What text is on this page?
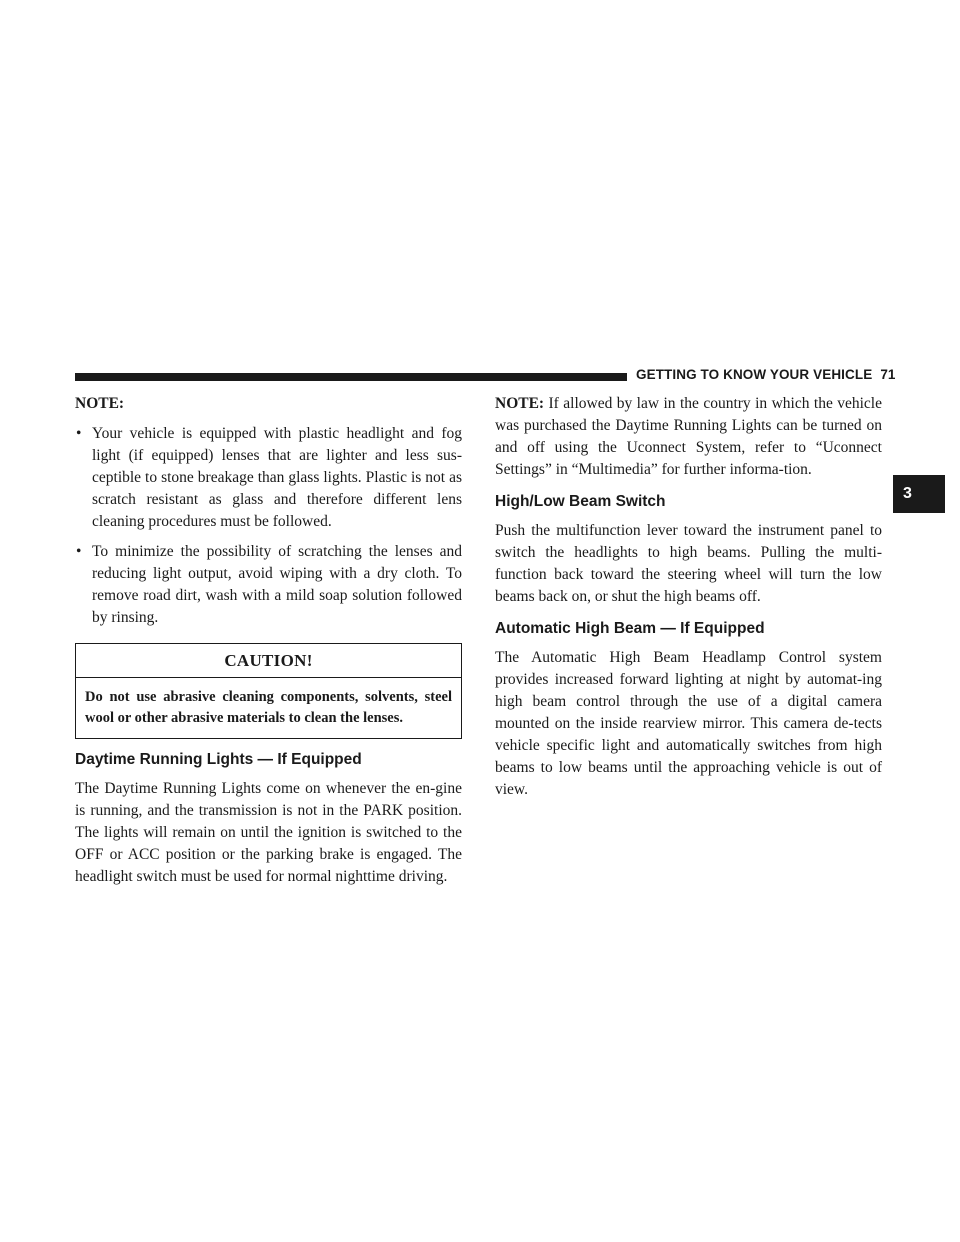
GETTING TO KNOW YOUR VEHICLE 71
3

NOTE:

• Your vehicle is equipped with plastic headlight and fog light (if equipped) lenses that are lighter and less sus-ceptible to stone breakage than glass lights. Plastic is not as scratch resistant as glass and therefore different lens cleaning procedures must be followed.
• To minimize the possibility of scratching the lenses and reducing light output, avoid wiping with a dry cloth. To remove road dirt, wash with a mild soap solution followed by rinsing.
CAUTION!
Do not use abrasive cleaning components, solvents, steel wool or other abrasive materials to clean the lenses.
Daytime Running Lights — If Equipped

The Daytime Running Lights come on whenever the en-gine is running, and the transmission is not in the PARK position. The lights will remain on until the ignition is switched to the OFF or ACC position or the parking brake is engaged. The headlight switch must be used for normal nighttime driving.

NOTE: If allowed by law in the country in which the vehicle was purchased the Daytime Running Lights can be turned on and off using the Uconnect System, refer to “Uconnect Settings” in “Multimedia” for further informa-tion.

High/Low Beam Switch

Push the multifunction lever toward the instrument panel to switch the headlights to high beams. Pulling the multi-function back toward the steering wheel will turn the low beams back on, or shut the high beams off.

Automatic High Beam — If Equipped

The Automatic High Beam Headlamp Control system provides increased forward lighting at night by automat-ing high beam control through the use of a digital camera mounted on the inside rearview mirror. This camera de-tects vehicle specific light and automatically switches from high beams to low beams until the approaching vehicle is out of view.
